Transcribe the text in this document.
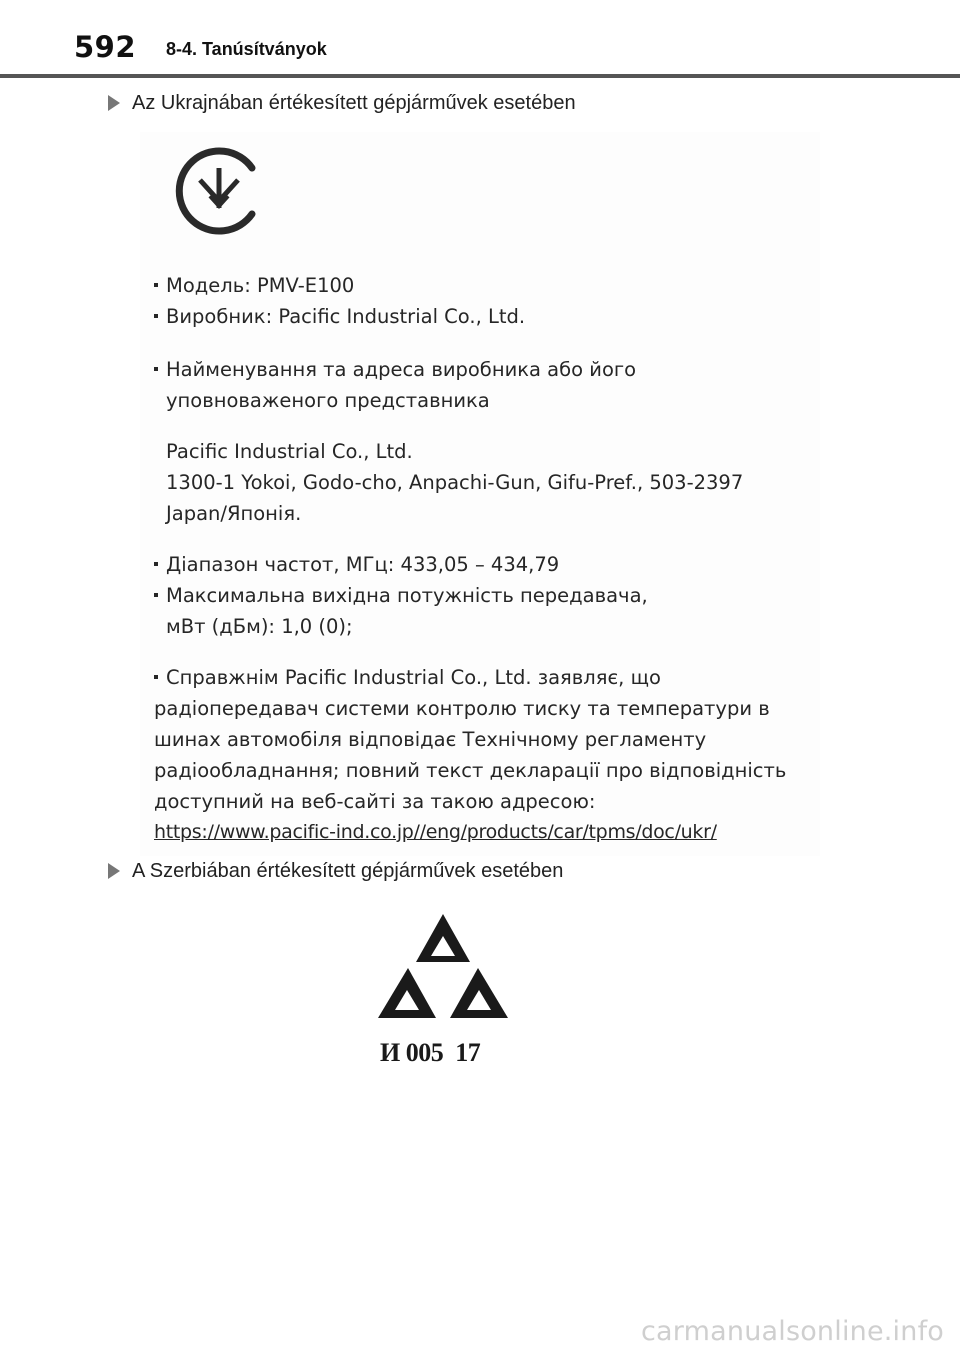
592 8-4. Tanúsítványok
Az Ukrajnában értékesített gépjárművek esetében
Модель: PMV-E100
Виробник: Pacific Industrial Co., Ltd.
Найменування та адреса виробника або його
уповноваженого представника
Pacific Industrial Co., Ltd.
1300-1 Yokoi, Godo-cho, Anpachi-Gun, Gifu-Pref., 503-2397
Japan/Японія.
Діапазон частот, МГц: 433,05 – 434,79
Максимальна вихідна потужність передавача,
мВт (дБм): 1,0 (0);
Справжнім Pacific Industrial Co., Ltd. заявляє, що
радіопередавач системи контролю тиску та температури в
шинах автомобіля відповідає Технічному регламенту
радіообладнання; повний текст декларації про відповідність
доступний на веб-сайті за такою адресою:
https://www.pacific-ind.co.jp//eng/products/car/tpms/doc/ukr/
A Szerbiában értékesített gépjárművek esetében
И 005  17
carmanualsonline.info
